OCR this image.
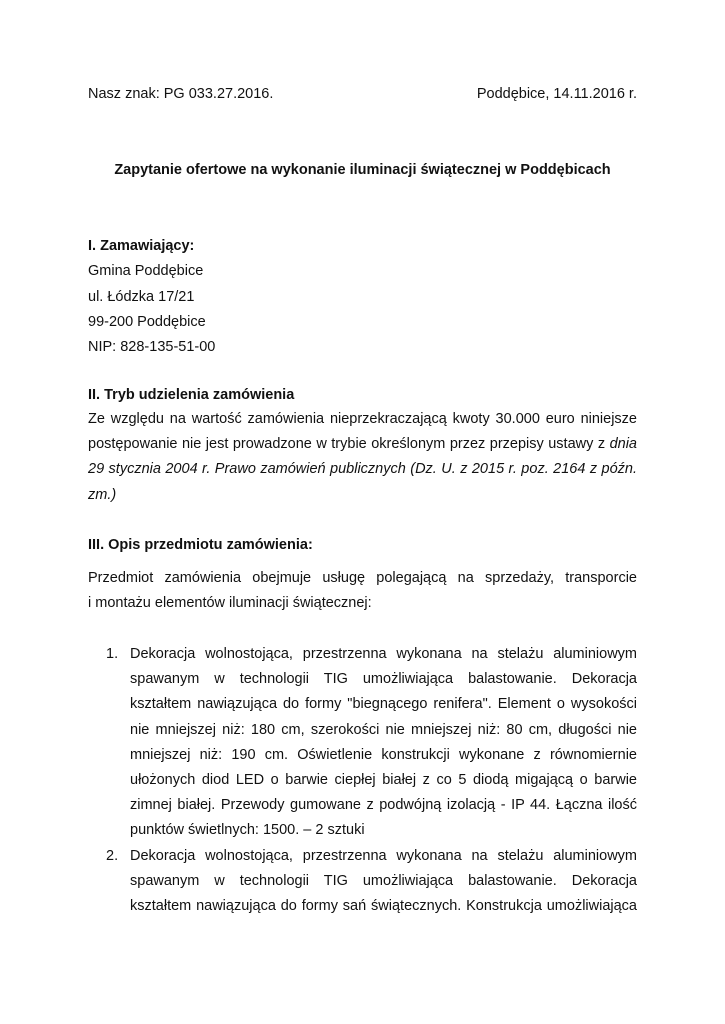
Nasz znak: PG 033.27.2016.	Poddębice, 14.11.2016 r.
Zapytanie ofertowe na wykonanie iluminacji świątecznej w Poddębicach
I. Zamawiający:
Gmina Poddębice
ul. Łódzka 17/21
99-200 Poddębice
NIP: 828-135-51-00
II. Tryb udzielenia zamówienia
Ze względu na wartość zamówienia nieprzekraczającą kwoty 30.000 euro niniejsze
postępowanie nie jest prowadzone w trybie określonym przez przepisy ustawy z dnia
29 stycznia 2004 r. Prawo zamówień publicznych (Dz. U. z 2015 r. poz. 2164 z późn.
zm.)
III. Opis przedmiotu zamówienia:
Przedmiot zamówienia obejmuje usługę polegającą na sprzedaży, transporcie
i montażu elementów iluminacji świątecznej:
1. Dekoracja wolnostojąca, przestrzenna wykonana na stelażu aluminiowym
spawanym w technologii TIG umożliwiająca balastowanie. Dekoracja
kształtem nawiązująca do formy "biegnącego renifera". Element o wysokości
nie mniejszej niż: 180 cm, szerokości nie mniejszej niż: 80 cm, długości nie
mniejszej niż: 190 cm. Oświetlenie konstrukcji wykonane z równomiernie
ułożonych diod LED o barwie ciepłej białej z co 5 diodą migającą o barwie
zimnej białej. Przewody gumowane z podwójną izolacją - IP 44. Łączna ilość
punktów świetlnych: 1500. – 2 sztuki
2. Dekoracja wolnostojąca, przestrzenna wykonana na stelażu aluminiowym
spawanym w technologii TIG umożliwiająca balastowanie. Dekoracja
kształtem nawiązująca do formy sań świątecznych. Konstrukcja umożliwiająca
